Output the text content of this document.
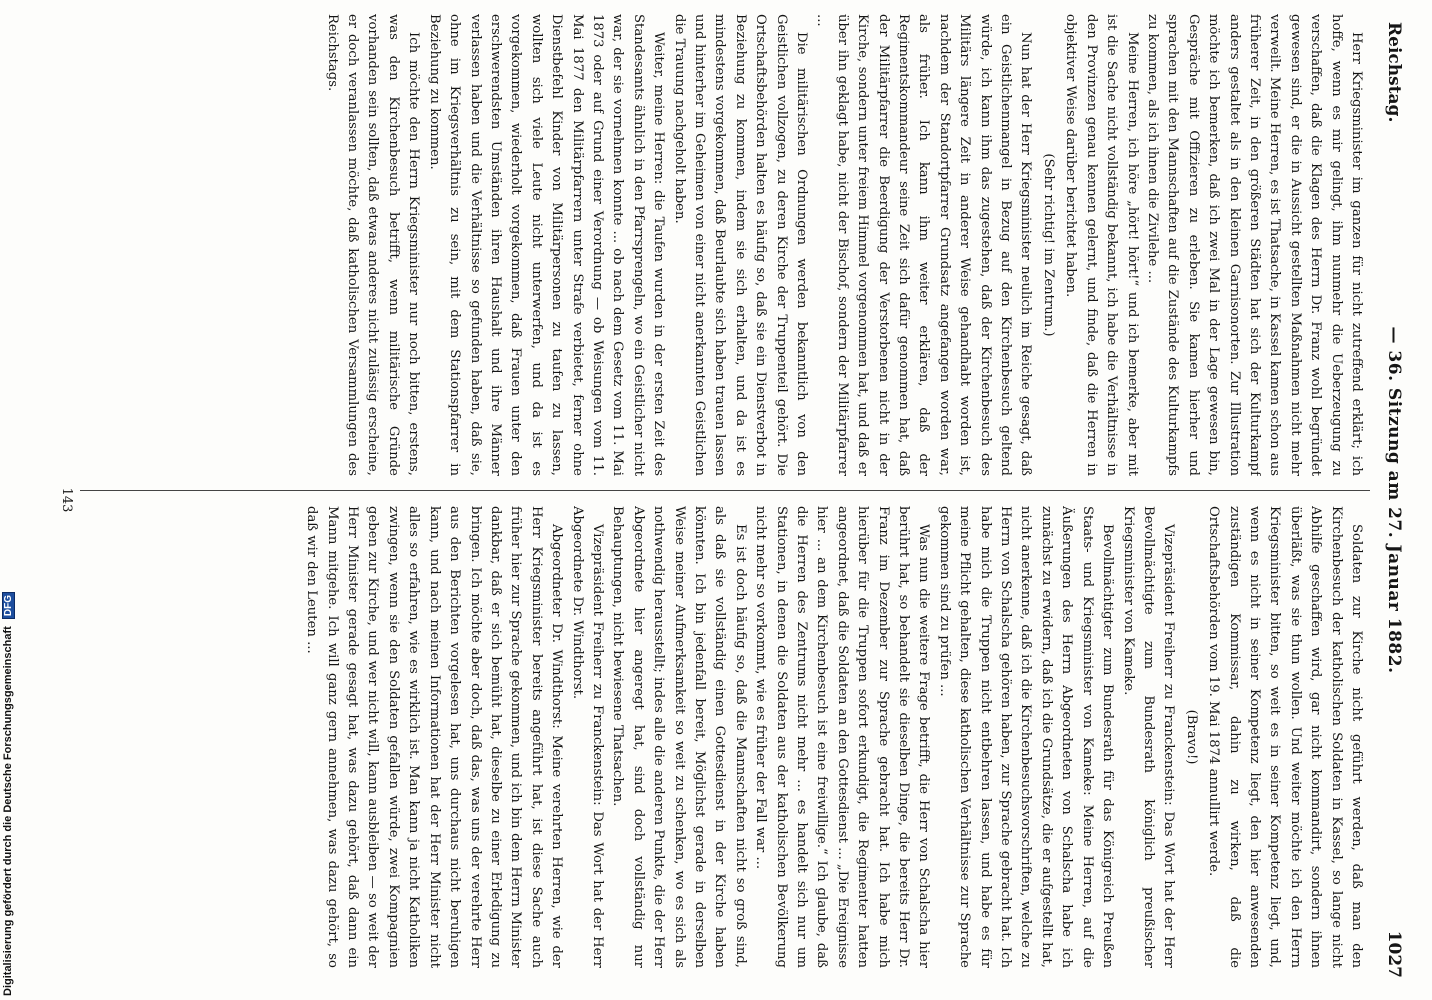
Reichstag.
— 36. Sitzung am 27. Januar 1882.
1027

Herr Kriegsminister im ganzen für nicht zutreffend erklärt; ich hoffe, wenn es mir gelingt, ihm nunmehr die Ueberzeugung zu verschaffen, daß die Klagen des Herrn Dr. Franz wohl begründet gewesen sind, er die in Aussicht gestellten Maßnahmen nicht mehr verweilt. Meine Herren, es ist Thatsache, in Kassel kamen schon aus früherer Zeit, in den größeren Städten hat sich der Kulturkampf anders gestaltet als in den kleinen Garnisonorten. Zur Illustration möchte ich bemerken, daß ich zwei Mal in der Lage gewesen bin, Gespräche mit Offizieren zu erleben. Sie kamen hierher und sprachen mit den Mannschaften auf die Zustände des Kulturkampfs zu kommen, als ich ihnen die Zivilehe ...

Meine Herren, ich höre „hört! hört!“ und ich bemerke, aber mit ist die Sache nicht vollständig bekannt, ich habe die Verhältnisse in den Provinzen genau kennen gelernt, und finde, daß die Herren in objektiver Weise darüber berichtet haben.

(Sehr richtig! im Zentrum.)

Nun hat der Herr Kriegsminister neulich im Reiche gesagt, daß ein Geistlichenmangel in Bezug auf den Kirchenbesuch geltend würde, ich kann ihm das zugestehen, daß der Kirchenbesuch des Militärs längere Zeit in anderer Weise gehandhabt worden ist, nachdem der Standortpfarrer Grundsatz angefangen worden war, als früher. Ich kann ihm weiter erklären, daß der Regimentskommandeur seine Zeit sich dafür genommen hat, daß der Militärpfarrer die Beerdigung der Verstorbenen nicht in der Kirche, sondern unter freiem Himmel vorgenommen hat, und daß er über ihn geklagt habe, nicht der Bischof, sondern der Militärpfarrer ...

Die militärischen Ordnungen werden bekanntlich von den Geistlichen vollzogen, zu deren Kirche der Truppenteil gehört. Die Ortschaftsbehörden halten es häufig so, daß sie ein Dienstverbot in Beziehung zu kommen, indem sie sich erhalten, und da ist es mindestens vorgekommen, daß Beurlaubte sich haben trauen lassen und hinterher im Geheimen von einer nicht anerkannten Geistlichen die Trauung nachgeholt haben.

Weiter, meine Herren: die Taufen wurden in der ersten Zeit des Standesamts ähnlich in den Pfarrsprengeln, wo ein Geistlicher nicht war, der sie vornehmen konnte ... ob nach dem Gesetz vom 11. Mai 1873 oder auf Grund einer Verordnung — ob Weisungen vom 11. Mai 1877 den Militärpfarrern unter Strafe verbietet, ferner ohne Dienstbefehl Kinder von Militärpersonen zu taufen zu lassen, wollten sich viele Leute nicht unterwerfen, und da ist es vorgekommen, wiederholt vorgekommen, daß Frauen unter den erschwerendsten Umständen ihren Haushalt und ihre Männer verlassen haben und die Verhältnisse so gefunden haben, daß sie, ohne im Kriegsverhältnis zu sein, mit dem Stationspfarrer in Beziehung zu kommen.

Ich möchte den Herrn Kriegsminister nur noch bitten, erstens, was den Kirchenbesuch betrifft, wenn militärische Gründe vorhanden sein sollten, daß etwas anderes nicht zulässig erscheine, er doch veranlassen möchte, daß katholischen Versammlungen des Reichstags.

Soldaten zur Kirche nicht geführt werden, daß man den Kirchenbesuch der katholischen Soldaten in Kassel, so lange nicht Abhilfe geschaffen wird, gar nicht kommandirt, sondern ihnen überläßt, was sie thun wollen. Und weiter möchte ich den Herrn Kriegsminister bitten, so weit es in seiner Kompetenz liegt, und, wenn es nicht in seiner Kompetenz liegt, den hier anwesenden zuständigen Kommissar, dahin zu wirken, daß die Ortschaftsbehörden vom 19. Mai 1874 annullirt werde.

(Bravo!)

Vizepräsident Freiherr zu Franckenstein: Das Wort hat der Herr Bevollmächtigte zum Bundesrath königlich preußischer Kriegsminister von Kameke.

Bevollmächtigter zum Bundesrath für das Königreich Preußen Staats- und Kriegsminister von Kameke: Meine Herren, auf die Äußerungen des Herrn Abgeordneten von Schalscha habe ich zunächst zu erwidern, daß ich die Grundsätze, die er aufgestellt hat, nicht anerkenne, daß ich die Kirchenbesuchsvorschriften, welche zu Herrn von Schalscha gehören haben, zur Sprache gebracht hat. Ich habe mich die Truppen nicht entbehren lassen, und habe es für meine Pflicht gehalten, diese katholischen Verhältnisse zur Sprache gekommen sind zu prüfen ...

Was nun die weitere Frage betrifft, die Herr von Schalscha hier berührt hat, so behandelt sie dieselben Dinge, die bereits Herr Dr. Franz im Dezember zur Sprache gebracht hat. Ich habe mich hierüber für die Truppen sofort erkundigt, die Regimenter hatten angeordnet, daß die Soldaten an den Gottesdienst ... „Die Ereignisse hier ... an dem Kirchenbesuch ist eine freiwillige.“ Ich glaube, daß die Herren des Zentrums nicht mehr ... es handelt sich nur um Stationen, in denen die Soldaten aus der katholischen Bevölkerung nicht mehr so vorkommt, wie es früher der Fall war ...

Es ist doch häufig so, daß die Mannschaften nicht so groß sind, als daß sie vollständig einen Gottesdienst in der Kirche haben könnten. Ich bin jedenfall bereit, Möglichst gerade in derselben Weise meiner Aufmerksamkeit so weit zu schenken, wo es sich als nothwendig herausstellt; indes alle die anderen Punkte, die der Herr Abgeordnete hier angeregt hat, sind doch vollständig nur Behauptungen, nicht bewiesene Thatsachen.

Vizepräsident Freiherr zu Franckenstein: Das Wort hat der Herr Abgeordnete Dr. Windthorst.

Abgeordneter Dr. Windthorst: Meine verehrten Herren, wie der Herr Kriegsminister bereits angeführt hat, ist diese Sache auch früher hier zur Sprache gekommen, und ich bin dem Herrn Minister dankbar, daß er sich bemüht hat, dieselbe zu einer Erledigung zu bringen. Ich möchte aber doch, daß das, was uns der verehrte Herr aus den Berichten vorgelesen hat, uns durchaus nicht beruhigen kann, und nach meinen Informationen hat der Herr Minister nicht alles so erfahren, wie es wirklich ist. Man kann ja nicht Katholiken zwingen, wenn sie den Soldaten gefallen würde, zwei Kompagnien geben zur Kirche, und wer nicht will, kann ausbleiben — so weit der Herr Minister gerade gesagt hat, was dazu gehört, daß dann ein Mann mitgehe. Ich will ganz gern annehmen, was dazu gehört, so daß wir den Leuten ...

143
Digitalisierung gefördert durch die Deutsche Forschungsgemeinschaft DFG
